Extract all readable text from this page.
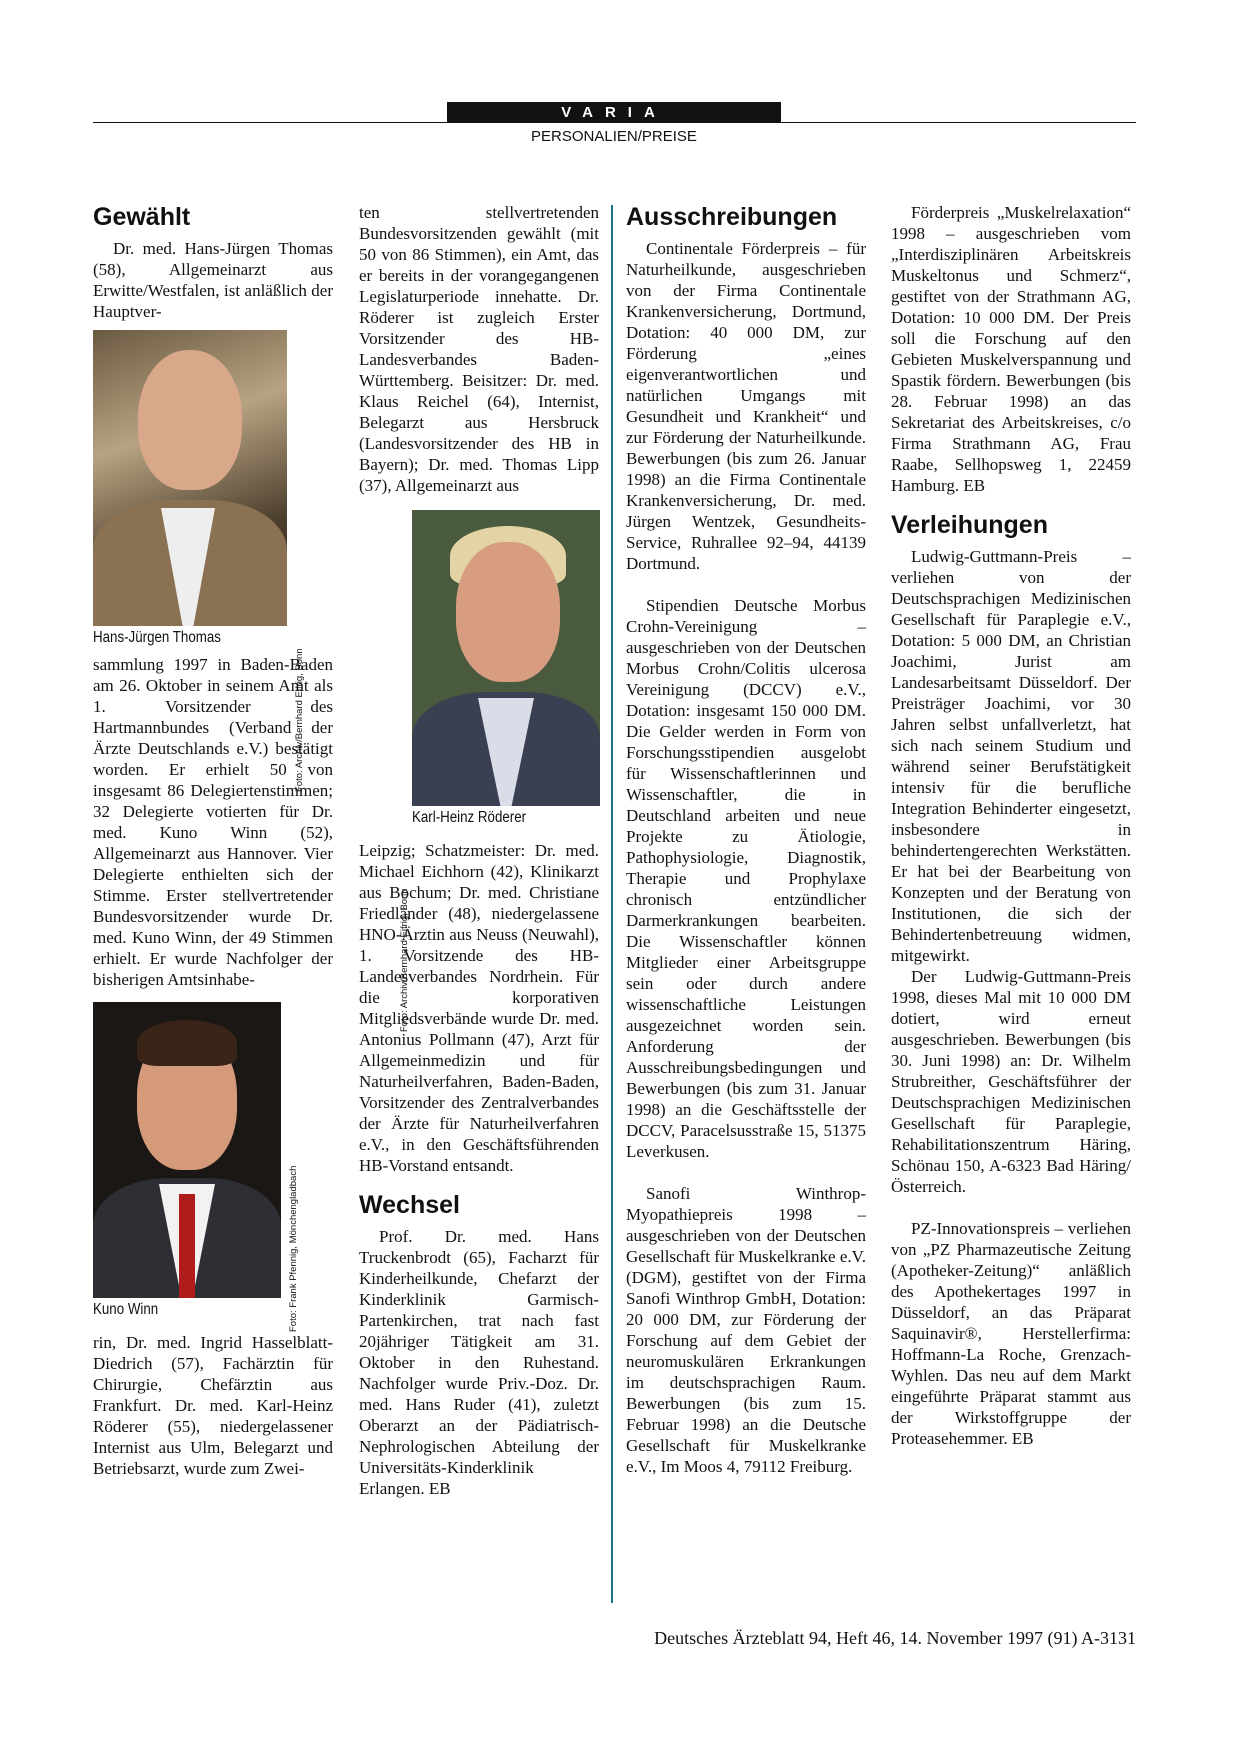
VARIA
PERSONALIEN/PREISE
Gewählt

Dr. med. Hans-Jürgen Thomas (58), Allgemeinarzt aus Erwitte/Westfalen, ist anläßlich der Hauptver-

Foto: Archiv/Bernhard Eifrig, Bonn
Hans-Jürgen Thomas

sammlung 1997 in Baden-Baden am 26. Oktober in seinem Amt als 1. Vorsitzender des Hartmannbundes (Verband der Ärzte Deutschlands e.V.) bestätigt worden. Er erhielt 50 von insgesamt 86 Delegiertenstimmen; 32 Delegierte votierten für Dr. med. Kuno Winn (52), Allgemeinarzt aus Hannover. Vier Delegierte enthielten sich der Stimme. Erster stellvertretender Bundesvorsitzender wurde Dr. med. Kuno Winn, der 49 Stimmen erhielt. Er wurde Nachfolger der bisherigen Amtsinhabe-

Foto: Frank Pfennig, Mönchengladbach
Kuno Winn

rin, Dr. med. Ingrid Hasselblatt-Diedrich (57), Fachärztin für Chirurgie, Chefärztin aus Frankfurt. Dr. med. Karl-Heinz Röderer (55), niedergelassener Internist aus Ulm, Belegarzt und Betriebsarzt, wurde zum Zwei-

ten stellvertretenden Bundesvorsitzenden gewählt (mit 50 von 86 Stimmen), ein Amt, das er bereits in der vorangegangenen Legislaturperiode innehatte. Dr. Röderer ist zugleich Erster Vorsitzender des HB-Landesverbandes Baden-Württemberg. Beisitzer: Dr. med. Klaus Reichel (64), Internist, Belegarzt aus Hersbruck (Landesvorsitzender des HB in Bayern); Dr. med. Thomas Lipp (37), Allgemeinarzt aus

Foto: Archiv/Bernhard Eifrig, Bonn
Karl-Heinz Röderer

Leipzig; Schatzmeister: Dr. med. Michael Eichhorn (42), Klinikarzt aus Bochum; Dr. med. Christiane Friedländer (48), niedergelassene HNO-Ärztin aus Neuss (Neuwahl), 1. Vorsitzende des HB-Landesverbandes Nordrhein. Für die korporativen Mitgliedsverbände wurde Dr. med. Antonius Pollmann (47), Arzt für Allgemeinmedizin und für Naturheilverfahren, Baden-Baden, Vorsitzender des Zentralverbandes der Ärzte für Naturheilverfahren e.V., in den Geschäftsführenden HB-Vorstand entsandt.

Wechsel

Prof. Dr. med. Hans Truckenbrodt (65), Facharzt für Kinderheilkunde, Chefarzt der Kinderklinik Garmisch-Partenkirchen, trat nach fast 20jähriger Tätigkeit am 31. Oktober in den Ruhestand. Nachfolger wurde Priv.-Doz. Dr. med. Hans Ruder (41), zuletzt Oberarzt an der Pädiatrisch-Nephrologischen Abteilung der Universitäts-Kinderklinik Erlangen. EB

Ausschreibungen

Continentale Förderpreis – für Naturheilkunde, ausgeschrieben von der Firma Continentale Krankenversicherung, Dortmund, Dotation: 40 000 DM, zur Förderung „eines eigenverantwortlichen und natürlichen Umgangs mit Gesundheit und Krankheit“ und zur Förderung der Naturheilkunde. Bewerbungen (bis zum 26. Januar 1998) an die Firma Continentale Krankenversicherung, Dr. med. Jürgen Wentzek, Gesundheits-Service, Ruhrallee 92–94, 44139 Dortmund.

Stipendien Deutsche Morbus Crohn-Vereinigung – ausgeschrieben von der Deutschen Morbus Crohn/Colitis ulcerosa Vereinigung (DCCV) e.V., Dotation: insgesamt 150 000 DM. Die Gelder werden in Form von Forschungsstipendien ausgelobt für Wissenschaftlerinnen und Wissenschaftler, die in Deutschland arbeiten und neue Projekte zu Ätiologie, Pathophysiologie, Diagnostik, Therapie und Prophylaxe chronisch entzündlicher Darmerkrankungen bearbeiten. Die Wissenschaftler können Mitglieder einer Arbeitsgruppe sein oder durch andere wissenschaftliche Leistungen ausgezeichnet worden sein. Anforderung der Ausschreibungsbedingungen und Bewerbungen (bis zum 31. Januar 1998) an die Geschäftsstelle der DCCV, Paracelsusstraße 15, 51375 Leverkusen.

Sanofi Winthrop-Myopathiepreis 1998 – ausgeschrieben von der Deutschen Gesellschaft für Muskelkranke e.V. (DGM), gestiftet von der Firma Sanofi Winthrop GmbH, Dotation: 20 000 DM, zur Förderung der Forschung auf dem Gebiet der neuromuskulären Erkrankungen im deutschsprachigen Raum. Bewerbungen (bis zum 15. Februar 1998) an die Deutsche Gesellschaft für Muskelkranke e.V., Im Moos 4, 79112 Freiburg.

Förderpreis „Muskelrelaxation“ 1998 – ausgeschrieben vom „Interdisziplinären Arbeitskreis Muskeltonus und Schmerz“, gestiftet von der Strathmann AG, Dotation: 10 000 DM. Der Preis soll die Forschung auf den Gebieten Muskelverspannung und Spastik fördern. Bewerbungen (bis 28. Februar 1998) an das Sekretariat des Arbeitskreises, c/o Firma Strathmann AG, Frau Raabe, Sellhopsweg 1, 22459 Hamburg. EB

Verleihungen

Ludwig-Guttmann-Preis – verliehen von der Deutschsprachigen Medizinischen Gesellschaft für Paraplegie e.V., Dotation: 5 000 DM, an Christian Joachimi, Jurist am Landesarbeitsamt Düsseldorf. Der Preisträger Joachimi, vor 30 Jahren selbst unfallverletzt, hat sich nach seinem Studium und während seiner Berufstätigkeit intensiv für die berufliche Integration Behinderter eingesetzt, insbesondere in behindertengerechten Werkstätten. Er hat bei der Bearbeitung von Konzepten und der Beratung von Institutionen, die sich der Behindertenbetreuung widmen, mitgewirkt.

Der Ludwig-Guttmann-Preis 1998, dieses Mal mit 10 000 DM dotiert, wird erneut ausgeschrieben. Bewerbungen (bis 30. Juni 1998) an: Dr. Wilhelm Strubreither, Geschäftsführer der Deutschsprachigen Medizinischen Gesellschaft für Paraplegie, Rehabilitationszentrum Häring, Schönau 150, A-6323 Bad Häring/Österreich.

PZ-Innovationspreis – verliehen von „PZ Pharmazeutische Zeitung (Apotheker-Zeitung)“ anläßlich des Apothekertages 1997 in Düsseldorf, an das Präparat Saquinavir®, Herstellerfirma: Hoffmann-La Roche, Grenzach-Wyhlen. Das neu auf dem Markt eingeführte Präparat stammt aus der Wirkstoffgruppe der Proteasehemmer. EB

Deutsches Ärzteblatt 94, Heft 46, 14. November 1997 (91) A-3131
